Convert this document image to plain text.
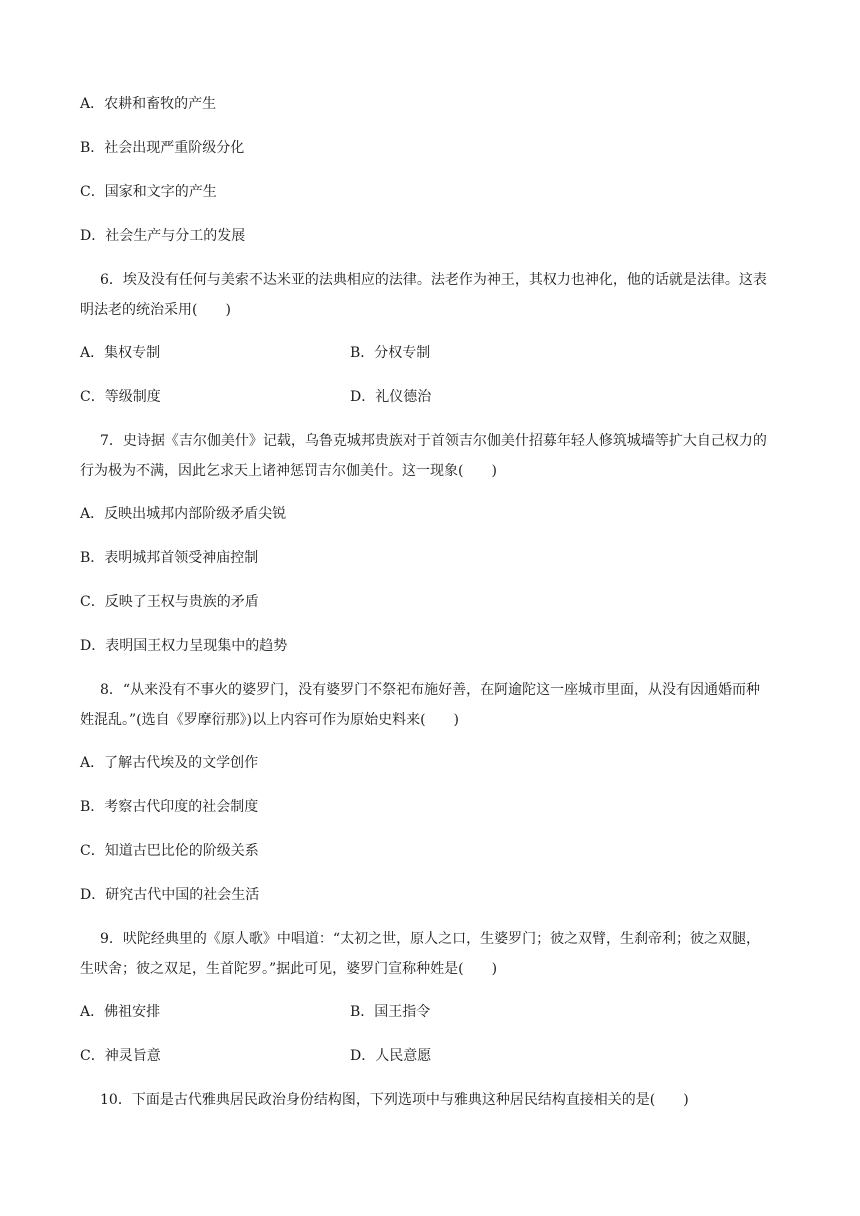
A．农耕和畜牧的产生
B．社会出现严重阶级分化
C．国家和文字的产生
D．社会生产与分工的发展
6．埃及没有任何与美索不达米亚的法典相应的法律。法老作为神王，其权力也神化，他的话就是法律。这表
明法老的统治采用(　　)
A．集权专制	B．分权专制
C．等级制度	D．礼仪德治
7．史诗据《吉尔伽美什》记载，乌鲁克城邦贵族对于首领吉尔伽美什招募年轻人修筑城墙等扩大自己权力的
行为极为不满，因此乞求天上诸神惩罚吉尔伽美什。这一现象(　　)
A．反映出城邦内部阶级矛盾尖锐
B．表明城邦首领受神庙控制
C．反映了王权与贵族的矛盾
D．表明国王权力呈现集中的趋势
8．“从来没有不事火的婆罗门，没有婆罗门不祭祀布施好善，在阿逾陀这一座城市里面，从没有因通婚而种
姓混乱。”(选自《罗摩衍那》)以上内容可作为原始史料来(　　)
A．了解古代埃及的文学创作
B．考察古代印度的社会制度
C．知道古巴比伦的阶级关系
D．研究古代中国的社会生活
9．吠陀经典里的《原人歌》中唱道：“太初之世，原人之口，生婆罗门；彼之双臂，生刹帝利；彼之双腿，
生吠舍；彼之双足，生首陀罗。”据此可见，婆罗门宣称种姓是(　　)
A．佛祖安排	B．国王指令
C．神灵旨意	D．人民意愿
10．下面是古代雅典居民政治身份结构图，下列选项中与雅典这种居民结构直接相关的是(　　)
